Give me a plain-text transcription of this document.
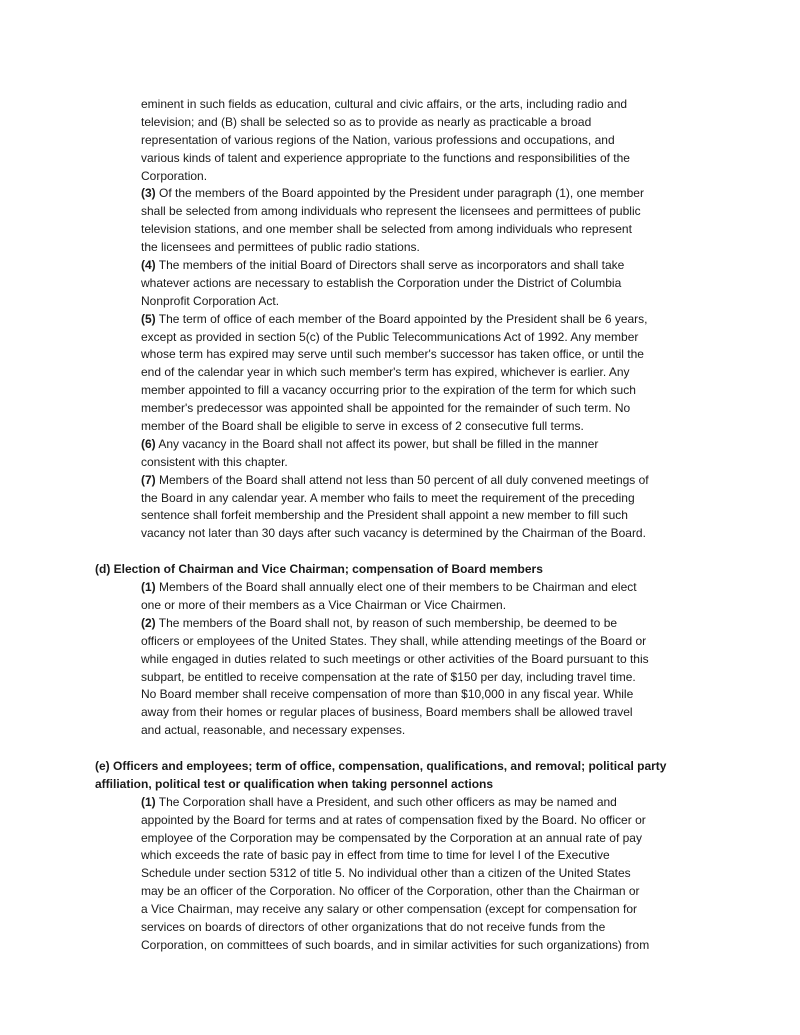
eminent in such fields as education, cultural and civic affairs, or the arts, including radio and
television; and (B) shall be selected so as to provide as nearly as practicable a broad
representation of various regions of the Nation, various professions and occupations, and
various kinds of talent and experience appropriate to the functions and responsibilities of the
Corporation.
(3) Of the members of the Board appointed by the President under paragraph (1), one member
shall be selected from among individuals who represent the licensees and permittees of public
television stations, and one member shall be selected from among individuals who represent
the licensees and permittees of public radio stations.
(4) The members of the initial Board of Directors shall serve as incorporators and shall take
whatever actions are necessary to establish the Corporation under the District of Columbia
Nonprofit Corporation Act.
(5) The term of office of each member of the Board appointed by the President shall be 6 years,
except as provided in section 5(c) of the Public Telecommunications Act of 1992. Any member
whose term has expired may serve until such member's successor has taken office, or until the
end of the calendar year in which such member's term has expired, whichever is earlier. Any
member appointed to fill a vacancy occurring prior to the expiration of the term for which such
member's predecessor was appointed shall be appointed for the remainder of such term. No
member of the Board shall be eligible to serve in excess of 2 consecutive full terms.
(6) Any vacancy in the Board shall not affect its power, but shall be filled in the manner
consistent with this chapter.
(7) Members of the Board shall attend not less than 50 percent of all duly convened meetings of
the Board in any calendar year. A member who fails to meet the requirement of the preceding
sentence shall forfeit membership and the President shall appoint a new member to fill such
vacancy not later than 30 days after such vacancy is determined by the Chairman of the Board.
(d) Election of Chairman and Vice Chairman; compensation of Board members
(1) Members of the Board shall annually elect one of their members to be Chairman and elect
one or more of their members as a Vice Chairman or Vice Chairmen.
(2) The members of the Board shall not, by reason of such membership, be deemed to be
officers or employees of the United States. They shall, while attending meetings of the Board or
while engaged in duties related to such meetings or other activities of the Board pursuant to this
subpart, be entitled to receive compensation at the rate of $150 per day, including travel time.
No Board member shall receive compensation of more than $10,000 in any fiscal year. While
away from their homes or regular places of business, Board members shall be allowed travel
and actual, reasonable, and necessary expenses.
(e) Officers and employees; term of office, compensation, qualifications, and removal; political party
affiliation, political test or qualification when taking personnel actions
(1) The Corporation shall have a President, and such other officers as may be named and
appointed by the Board for terms and at rates of compensation fixed by the Board. No officer or
employee of the Corporation may be compensated by the Corporation at an annual rate of pay
which exceeds the rate of basic pay in effect from time to time for level I of the Executive
Schedule under section 5312 of title 5. No individual other than a citizen of the United States
may be an officer of the Corporation. No officer of the Corporation, other than the Chairman or
a Vice Chairman, may receive any salary or other compensation (except for compensation for
services on boards of directors of other organizations that do not receive funds from the
Corporation, on committees of such boards, and in similar activities for such organizations) from
